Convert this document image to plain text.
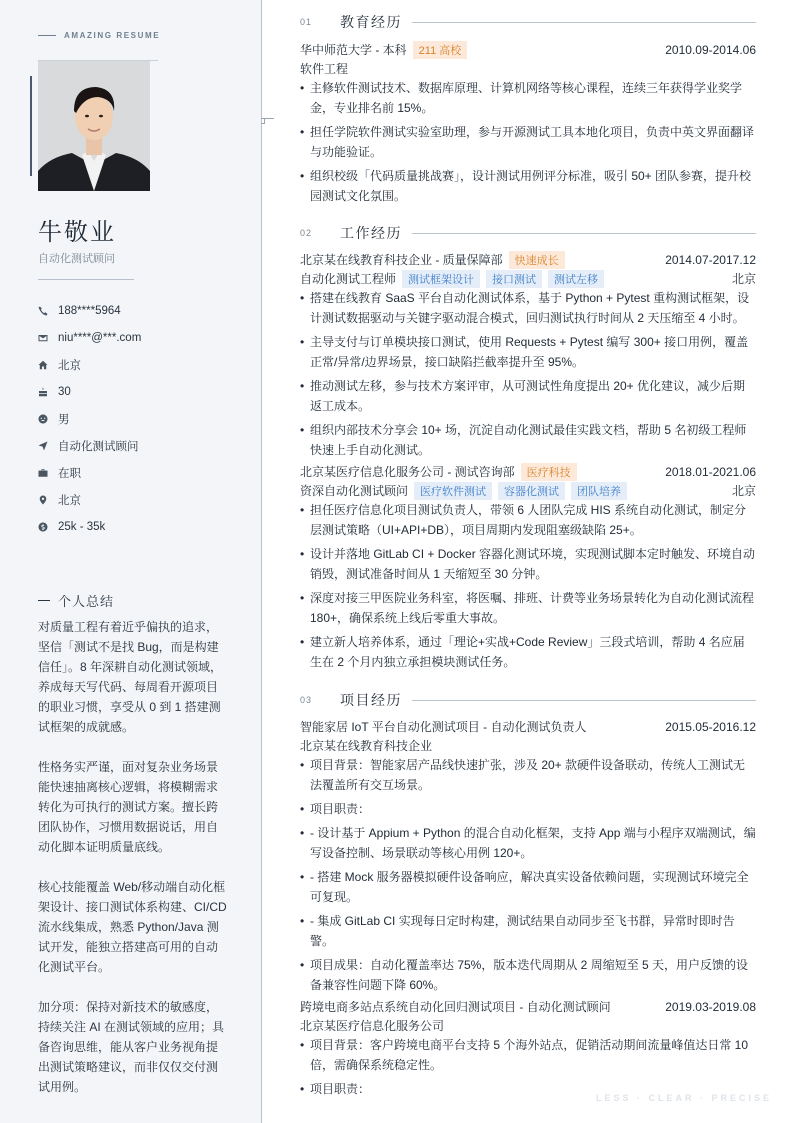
AMAZING RESUME
牛敬业
自动化测试顾问
188****5964
niu****@***.com
北京
30
男
自动化测试顾问
在职
北京
25k - 35k
个人总结

对质量工程有着近乎偏执的追求，坚信「测试不是找 Bug，而是构建信任」。8 年深耕自动化测试领域，养成每天写代码、每周看开源项目的职业习惯，享受从 0 到 1 搭建测试框架的成就感。

性格务实严谨，面对复杂业务场景能快速抽离核心逻辑，将模糊需求转化为可执行的测试方案。擅长跨团队协作，习惯用数据说话，用自动化脚本证明质量底线。

核心技能覆盖 Web/移动端自动化框架设计、接口测试体系构建、CI/CD 流水线集成，熟悉 Python/Java 测试开发，能独立搭建高可用的自动化测试平台。

加分项：保持对新技术的敏感度，持续关注 AI 在测试领域的应用；具备咨询思维，能从客户业务视角提出测试策略建议，而非仅仅交付测试用例。

01	教育经历
华中师范大学 - 本科	211 高校	2010.09-2014.06
软件工程
• 主修软件测试技术、数据库原理、计算机网络等核心课程，连续三年获得学业奖学金，专业排名前 15%。
• 担任学院软件测试实验室助理，参与开源测试工具本地化项目，负责中英文界面翻译与功能验证。
• 组织校级「代码质量挑战赛」，设计测试用例评分标准，吸引 50+ 团队参赛，提升校园测试文化氛围。
02	工作经历
北京某在线教育科技企业 - 质量保障部	快速成长	2014.07-2017.12
自动化测试工程师	测试框架设计	接口测试	测试左移	北京
• 搭建在线教育 SaaS 平台自动化测试体系，基于 Python + Pytest 重构测试框架，设计测试数据驱动与关键字驱动混合模式，回归测试执行时间从 2 天压缩至 4 小时。
• 主导支付与订单模块接口测试，使用 Requests + Pytest 编写 300+ 接口用例，覆盖正常/异常/边界场景，接口缺陷拦截率提升至 95%。
• 推动测试左移，参与技术方案评审，从可测试性角度提出 20+ 优化建议，减少后期返工成本。
• 组织内部技术分享会 10+ 场，沉淀自动化测试最佳实践文档，帮助 5 名初级工程师快速上手自动化测试。
北京某医疗信息化服务公司 - 测试咨询部	医疗科技	2018.01-2021.06
资深自动化测试顾问	医疗软件测试	容器化测试	团队培养	北京
• 担任医疗信息化项目测试负责人，带领 6 人团队完成 HIS 系统自动化测试，制定分层测试策略（UI+API+DB），项目周期内发现阻塞级缺陷 25+。
• 设计并落地 GitLab CI + Docker 容器化测试环境，实现测试脚本定时触发、环境自动销毁，测试准备时间从 1 天缩短至 30 分钟。
• 深度对接三甲医院业务科室，将医嘱、排班、计费等业务场景转化为自动化测试流程 180+，确保系统上线后零重大事故。
• 建立新人培养体系，通过「理论+实战+Code Review」三段式培训，帮助 4 名应届生在 2 个月内独立承担模块测试任务。
03	项目经历
智能家居 IoT 平台自动化测试项目 - 自动化测试负责人	2015.05-2016.12
北京某在线教育科技企业
• 项目背景：智能家居产品线快速扩张，涉及 20+ 款硬件设备联动，传统人工测试无法覆盖所有交互场景。
• 项目职责：
• - 设计基于 Appium + Python 的混合自动化框架，支持 App 端与小程序双端测试，编写设备控制、场景联动等核心用例 120+。
• - 搭建 Mock 服务器模拟硬件设备响应，解决真实设备依赖问题，实现测试环境完全可复现。
• - 集成 GitLab CI 实现每日定时构建，测试结果自动同步至飞书群，异常时即时告警。
• 项目成果：自动化覆盖率达 75%，版本迭代周期从 2 周缩短至 5 天，用户反馈的设备兼容性问题下降 60%。
跨境电商多站点系统自动化回归测试项目 - 自动化测试顾问	2019.03-2019.08
北京某医疗信息化服务公司
• 项目背景：客户跨境电商平台支持 5 个海外站点，促销活动期间流量峰值达日常 10 倍，需确保系统稳定性。
• 项目职责：
LESS · CLEAR · PRECISE
